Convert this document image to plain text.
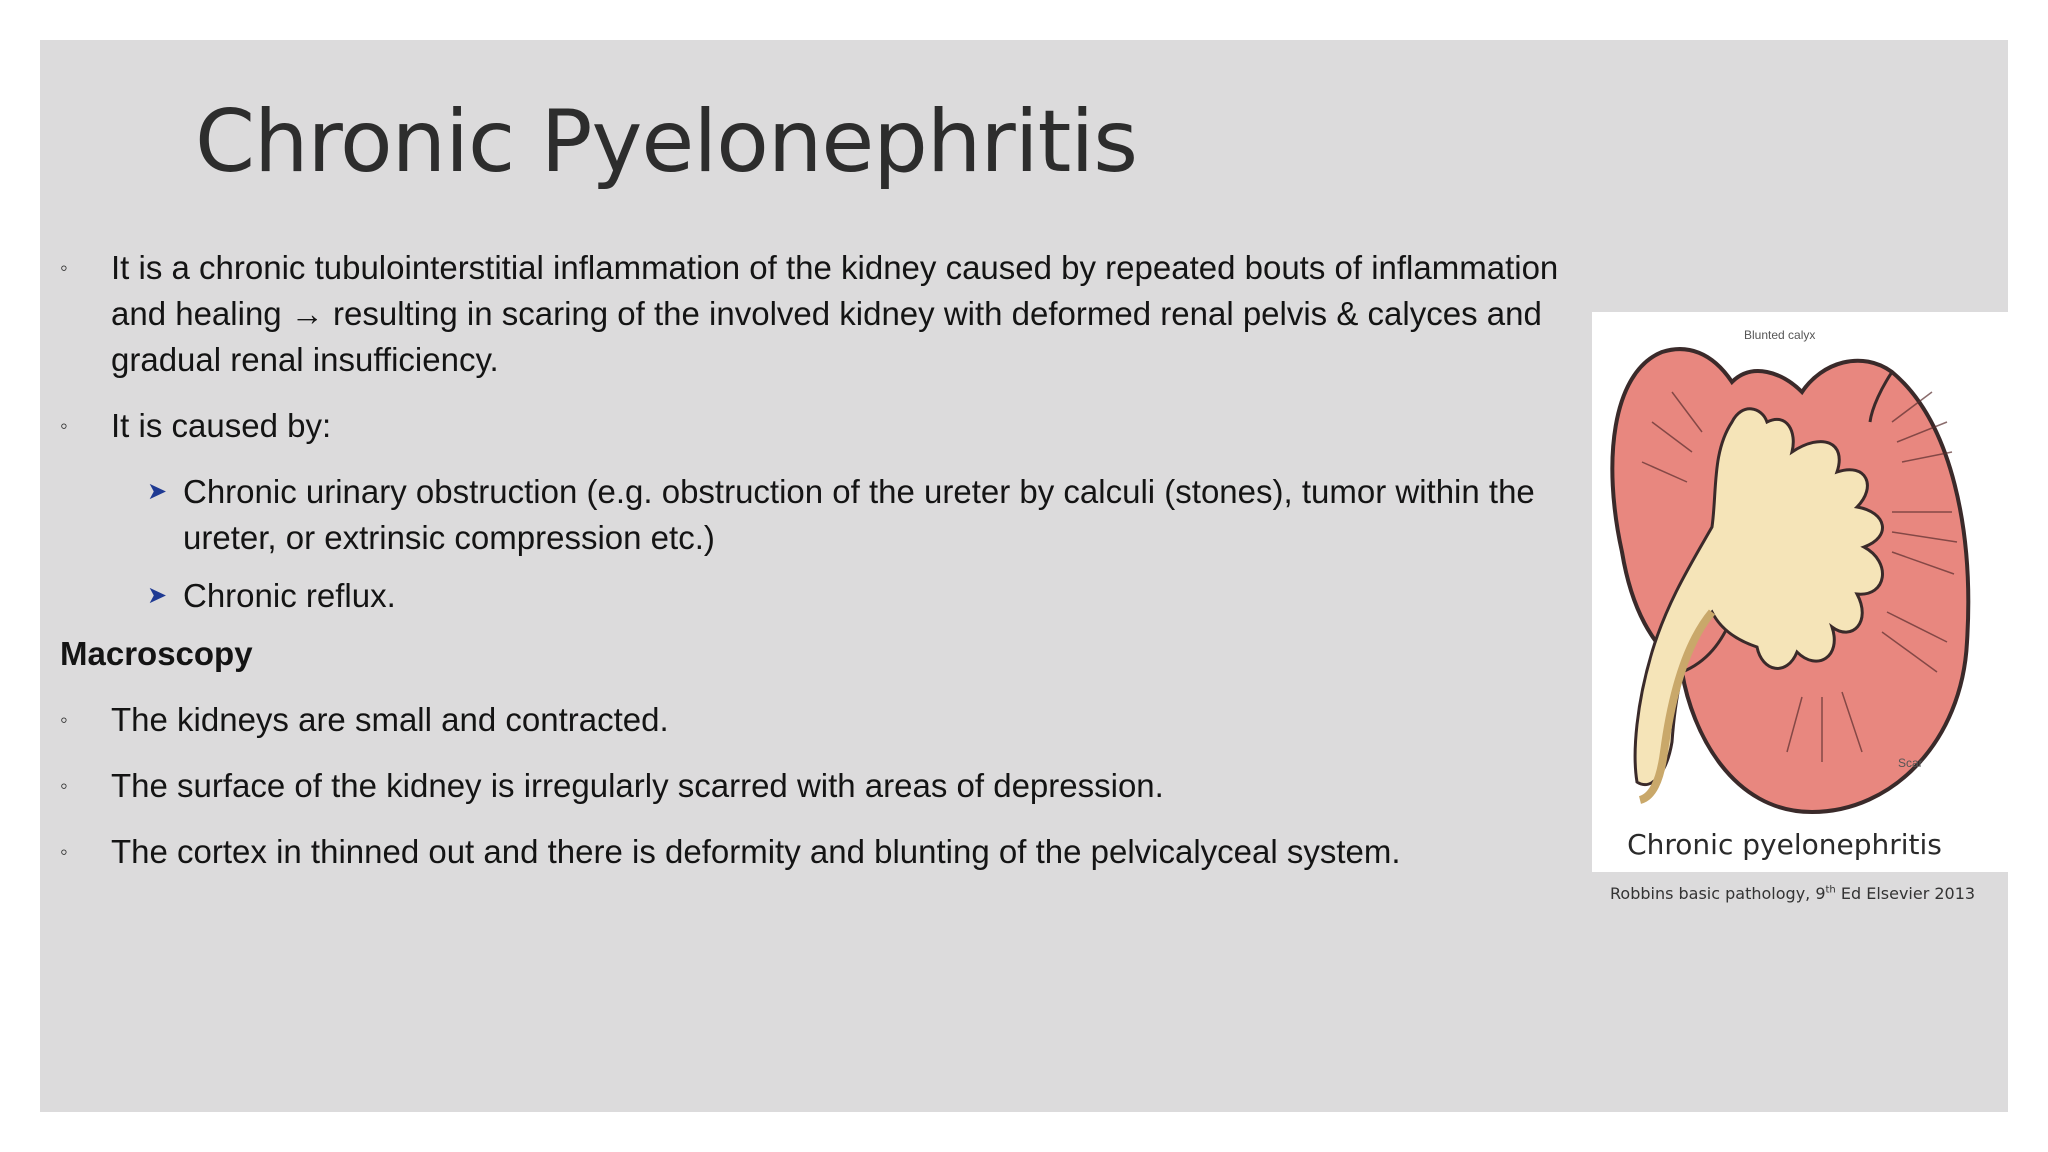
Chronic Pyelonephritis
◦ It is a chronic tubulointerstitial inflammation of the kidney caused by repeated bouts of inflammation and healing → resulting in scaring of the involved kidney with deformed renal pelvis & calyces and gradual renal insufficiency.
◦ It is caused by:
➤ Chronic urinary obstruction (e.g. obstruction of the ureter by calculi (stones), tumor within the ureter, or extrinsic compression etc.)
➤ Chronic reflux.
Macroscopy
◦ The kidneys are small and contracted.
◦ The surface of the kidney is irregularly scarred with areas of depression.
◦ The cortex in thinned out and there is deformity and blunting of the pelvicalyceal system.
Blunted calyx
Scar
Chronic pyelonephritis
Robbins basic pathology, 9th Ed Elsevier 2013
